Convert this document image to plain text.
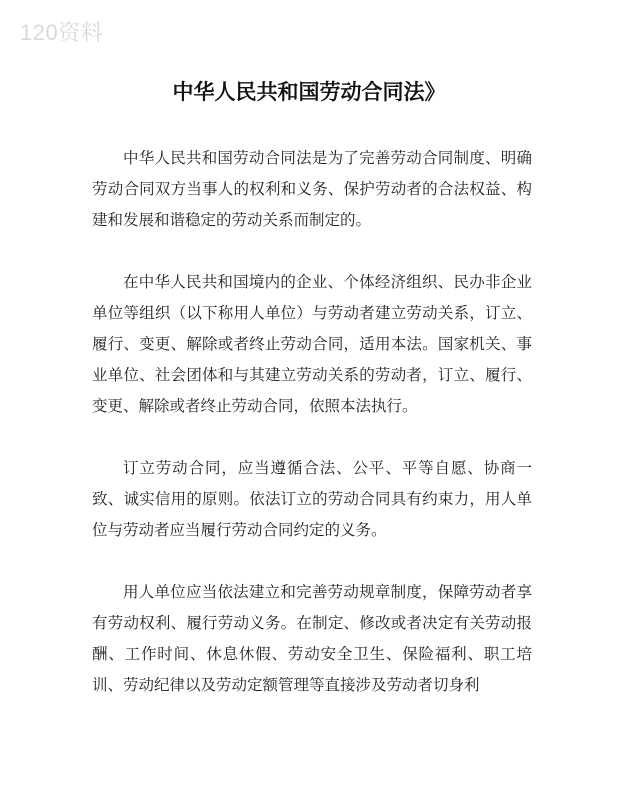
120资料
中华人民共和国劳动合同法》

中华人民共和国劳动合同法是为了完善劳动合同制度、明确劳动合同双方当事人的权利和义务、保护劳动者的合法权益、构建和发展和谐稳定的劳动关系而制定的。

在中华人民共和国境内的企业、个体经济组织、民办非企业单位等组织（以下称用人单位）与劳动者建立劳动关系，订立、履行、变更、解除或者终止劳动合同，适用本法。国家机关、事业单位、社会团体和与其建立劳动关系的劳动者，订立、履行、变更、解除或者终止劳动合同，依照本法执行。

订立劳动合同，应当遵循合法、公平、平等自愿、协商一致、诚实信用的原则。依法订立的劳动合同具有约束力，用人单位与劳动者应当履行劳动合同约定的义务。

用人单位应当依法建立和完善劳动规章制度，保障劳动者享有劳动权利、履行劳动义务。在制定、修改或者决定有关劳动报酬、工作时间、休息休假、劳动安全卫生、保险福利、职工培训、劳动纪律以及劳动定额管理等直接涉及劳动者切身利
